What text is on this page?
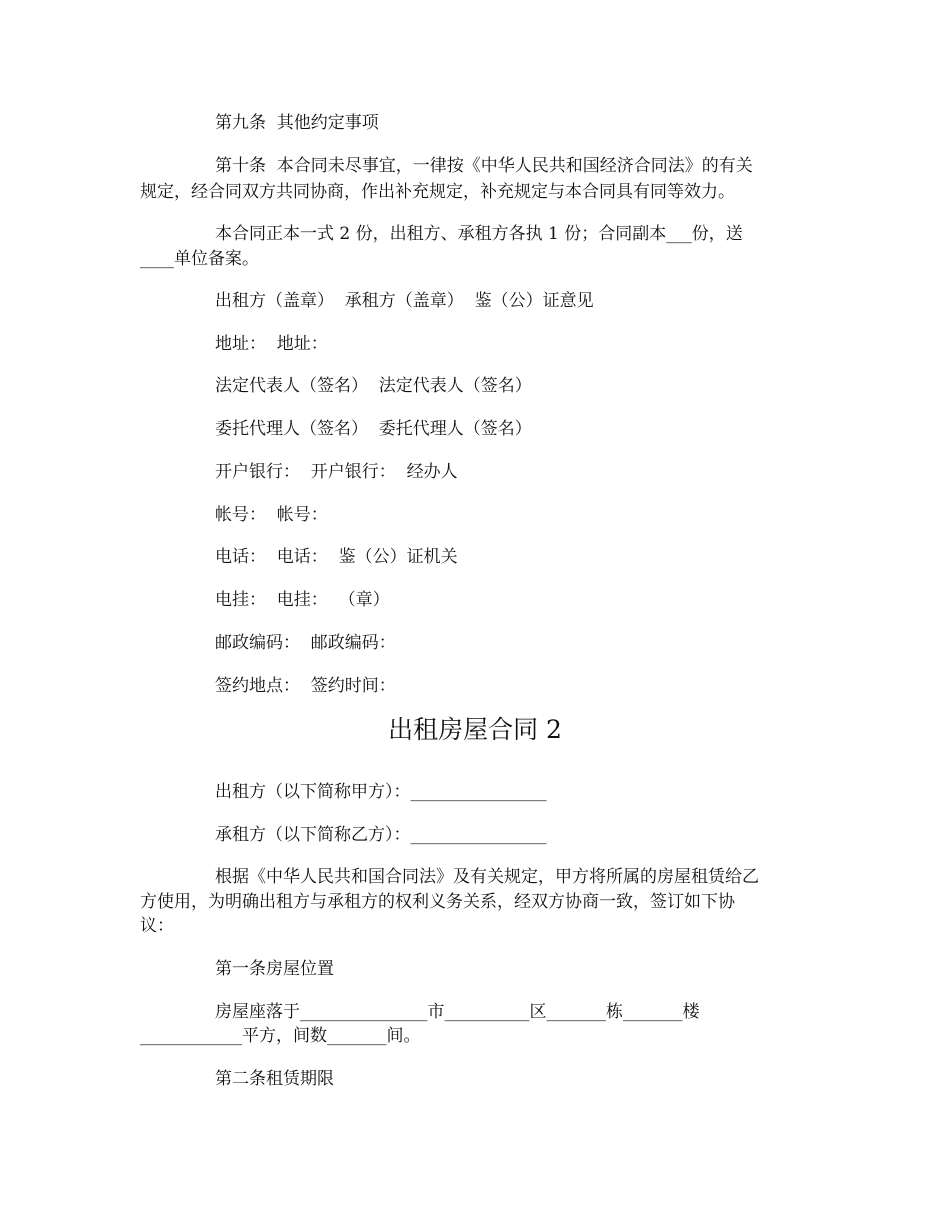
第九条  其他约定事项
第十条  本合同未尽事宜，一律按《中华人民共和国经济合同法》的有关
规定，经合同双方共同协商，作出补充规定，补充规定与本合同具有同等效力。
本合同正本一式 2 份，出租方、承租方各执 1 份；合同副本___份，送
____单位备案。
出租方（盖章）  承租方（盖章）  鉴（公）证意见
地址：  地址：
法定代表人（签名）  法定代表人（签名）
委托代理人（签名）  委托代理人（签名）
开户银行：  开户银行：  经办人
帐号：  帐号：
电话：  电话：  鉴（公）证机关
电挂：  电挂：  （章）
邮政编码：  邮政编码：
签约地点：  签约时间：
出租房屋合同 2
出租方（以下简称甲方）：________________
承租方（以下简称乙方）：________________
根据《中华人民共和国合同法》及有关规定，甲方将所属的房屋租赁给乙
方使用，为明确出租方与承租方的权利义务关系，经双方协商一致，签订如下协
议：
第一条房屋位置
房屋座落于_______________市__________区_______栋_______楼
____________平方，间数_______间。
第二条租赁期限
